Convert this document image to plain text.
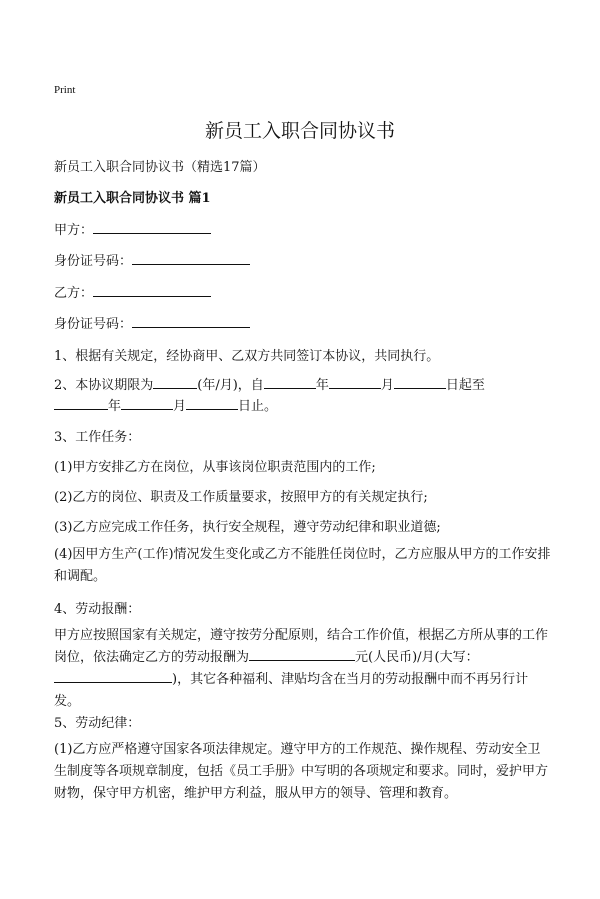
Print
新员工入职合同协议书
新员工入职合同协议书（精选17篇）
新员工入职合同协议书 篇1
甲方：
身份证号码：
乙方：
身份证号码：
1、根据有关规定，经协商甲、乙双方共同签订本协议，共同执行。
2、本协议期限为	(年/月)，自	年	月	日起至
年	月	日止。
3、工作任务：
(1)甲方安排乙方在岗位，从事该岗位职责范围内的工作;
(2)乙方的岗位、职责及工作质量要求，按照甲方的有关规定执行;
(3)乙方应完成工作任务，执行安全规程，遵守劳动纪律和职业道德;
(4)因甲方生产(工作)情况发生变化或乙方不能胜任岗位时，乙方应服从甲方的工作安排和调配。
4、劳动报酬：
甲方应按照国家有关规定，遵守按劳分配原则，结合工作价值，根据乙方所从事的工作岗位，依法确定乙方的劳动报酬为	元(人民币)/月(大写：)，其它各种福利、津贴均含在当月的劳动报酬中而不再另行计发。
5、劳动纪律：
(1)乙方应严格遵守国家各项法律规定。遵守甲方的工作规范、操作规程、劳动安全卫生制度等各项规章制度，包括《员工手册》中写明的各项规定和要求。同时，爱护甲方财物，保守甲方机密，维护甲方利益，服从甲方的领导、管理和教育。
